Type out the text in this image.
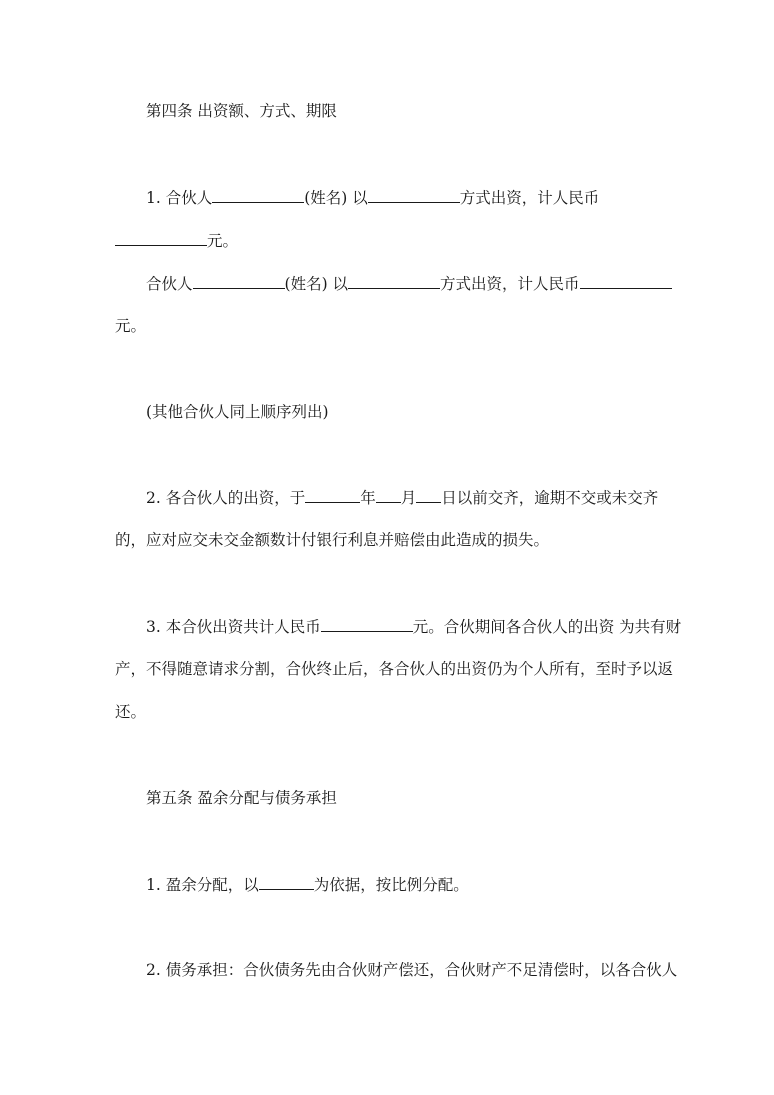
第四条 出资额、方式、期限
1. 合伙人	(姓名) 以	方式出资，计人民币
元。
合伙人	(姓名) 以	方式出资，计人民币
元。
(其他合伙人同上顺序列出)
2. 各合伙人的出资，于	年 月 日以前交齐，逾期不交或未交齐
的，应对应交未交金额数计付银行利息并赔偿由此造成的损失。
3. 本合伙出资共计人民币	元。合伙期间各合伙人的出资 为共有财
产，不得随意请求分割，合伙终止后，各合伙人的出资仍为个人所有，至时予以返
还。
第五条 盈余分配与债务承担
1. 盈余分配，以	为依据，按比例分配。
2. 债务承担：合伙债务先由合伙财产偿还，合伙财产不足清偿时，以各合伙人
